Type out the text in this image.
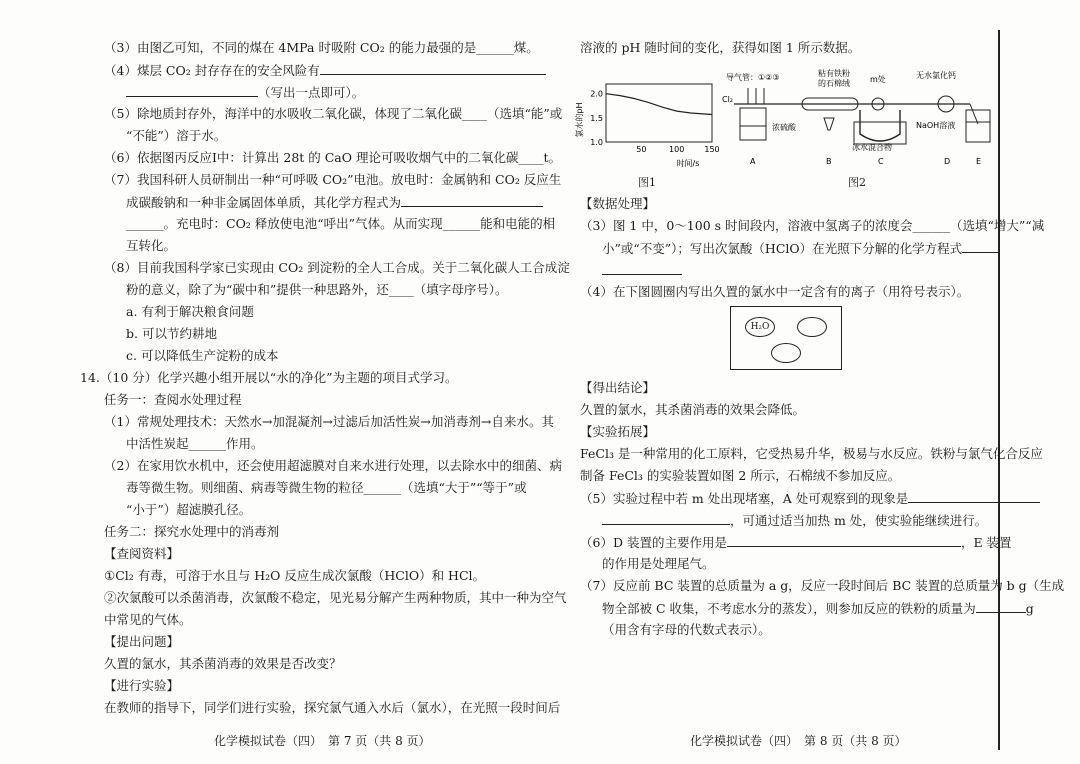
（3）由图乙可知，不同的煤在 4MPa 时吸附 CO₂ 的能力最强的是______煤。
（4）煤层 CO₂ 封存存在的安全风险有
（写出一点即可）。
（5）除地质封存外，海洋中的水吸收二氧化碳，体现了二氧化碳____（选填“能”或
“不能”）溶于水。
（6）依据图丙反应Ⅰ中：计算出 28t 的 CaO 理论可吸收烟气中的二氧化碳____t。
（7）我国科研人员研制出一种“可呼吸 CO₂”电池。放电时：金属钠和 CO₂ 反应生
成碳酸钠和一种非金属固体单质，其化学方程式为
______。充电时：CO₂ 释放使电池“呼出”气体。从而实现______能和电能的相
互转化。
（8）目前我国科学家已实现由 CO₂ 到淀粉的全人工合成。关于二氧化碳人工合成淀
粉的意义，除了为“碳中和”提供一种思路外，还____（填字母序号）。
a. 有利于解决粮食问题
b. 可以节约耕地
c. 可以降低生产淀粉的成本
14.（10 分）化学兴趣小组开展以“水的净化”为主题的项目式学习。
任务一：查阅水处理过程
（1）常规处理技术：天然水→加混凝剂→过滤后加活性炭→加消毒剂→自来水。其
中活性炭起______作用。
（2）在家用饮水机中，还会使用超滤膜对自来水进行处理，以去除水中的细菌、病
毒等微生物。则细菌、病毒等微生物的粒径______（选填“大于”“等于”或
“小于”）超滤膜孔径。
任务二：探究水处理中的消毒剂
【查阅资料】
①Cl₂ 有毒，可溶于水且与 H₂O 反应生成次氯酸（HClO）和 HCl。
②次氯酸可以杀菌消毒，次氯酸不稳定，见光易分解产生两种物质，其中一种为空气
中常见的气体。
【提出问题】
久置的氯水，其杀菌消毒的效果是否改变？
【进行实验】
在教师的指导下，同学们进行实验，探究氯气通入水后（氯水），在光照一段时间后
化学模拟试卷（四）　第 7 页（共 8 页）
溶液的 pH 随时间的变化，获得如图 1 所示数据。
氯水的pH
1.0
1.5
2.0
50	100	150
时间/s
图1
导气管：①②③	粘有铁粉
的石棉绒	m处	无水氯化钙
NaOH溶液
浓硫酸
冰水混合物
Cl₂
A	B	C	D	E
图2
【数据处理】
（3）图 1 中，0～100 s 时间段内，溶液中氢离子的浓度会______（选填“增大”“减
小”或“不变”）；写出次氯酸（HClO）在光照下分解的化学方程式
（4）在下图圆圈内写出久置的氯水中一定含有的离子（用符号表示）。
H₂O
【得出结论】
久置的氯水，其杀菌消毒的效果会降低。
【实验拓展】
FeCl₃ 是一种常用的化工原料，它受热易升华，极易与水反应。铁粉与氯气化合反应
制备 FeCl₃ 的实验装置如图 2 所示，石棉绒不参加反应。
（5）实验过程中若 m 处出现堵塞，A 处可观察到的现象是
，可通过适当加热 m 处，使实验能继续进行。
（6）D 装置的主要作用是	，E 装置
的作用是处理尾气。
（7）反应前 BC 装置的总质量为 a g，反应一段时间后 BC 装置的总质量为 b g（生成
物全部被 C 收集，不考虑水分的蒸发），则参加反应的铁粉的质量为	g
（用含有字母的代数式表示）。
化学模拟试卷（四）　第 8 页（共 8 页）
